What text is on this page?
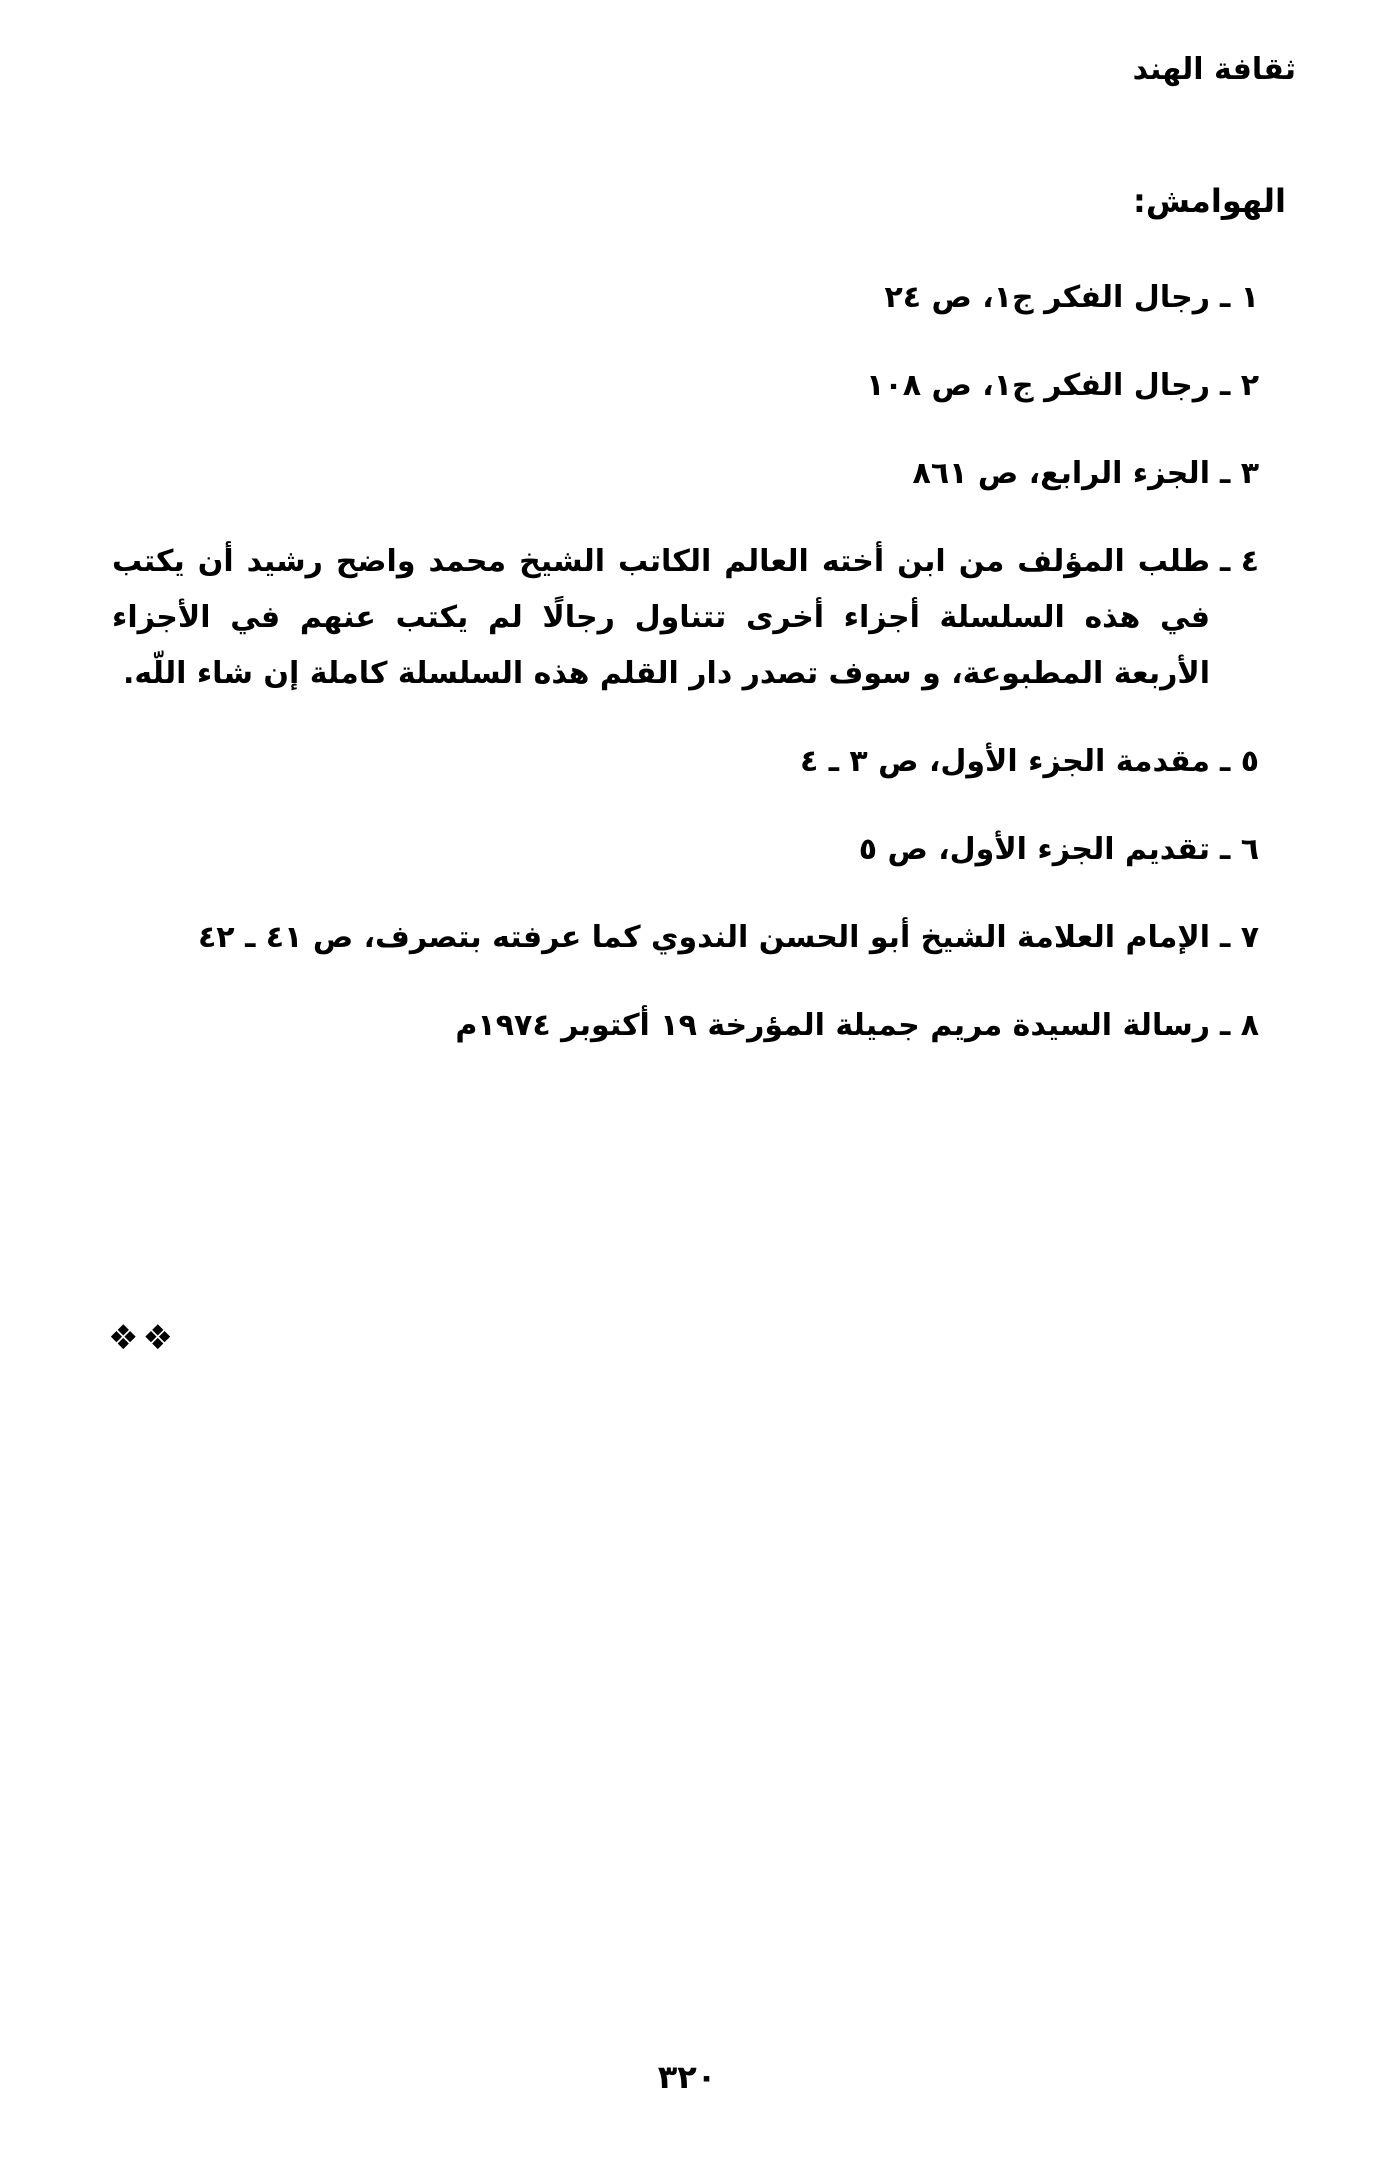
ثقافة الهند
الهوامش:
١ ـ
رجال الفكر ج١، ص ٢٤
٢ ـ
رجال الفكر ج١، ص ١٠٨
٣ ـ
الجزء الرابع، ص ٨٦١
٤ ـ
طلب المؤلف من ابن أخته العالم الكاتب الشيخ محمد واضح رشيد أن يكتب في هذه السلسلة أجزاء أخرى تتناول رجالًا لم يكتب عنهم في الأجزاء الأربعة المطبوعة، و سوف تصدر دار القلم هذه السلسلة كاملة إن شاء اللّه.
٥ ـ
مقدمة الجزء الأول، ص ٣ ـ ٤
٦ ـ
تقديم الجزء الأول، ص ٥
٧ ـ
الإمام العلامة الشيخ أبو الحسن الندوي كما عرفته بتصرف، ص ٤١ ـ ٤٢
٨ ـ
رسالة السيدة مريم جميلة المؤرخة ١٩ أكتوبر ١٩٧٤م
❖❖
٣٢٠
